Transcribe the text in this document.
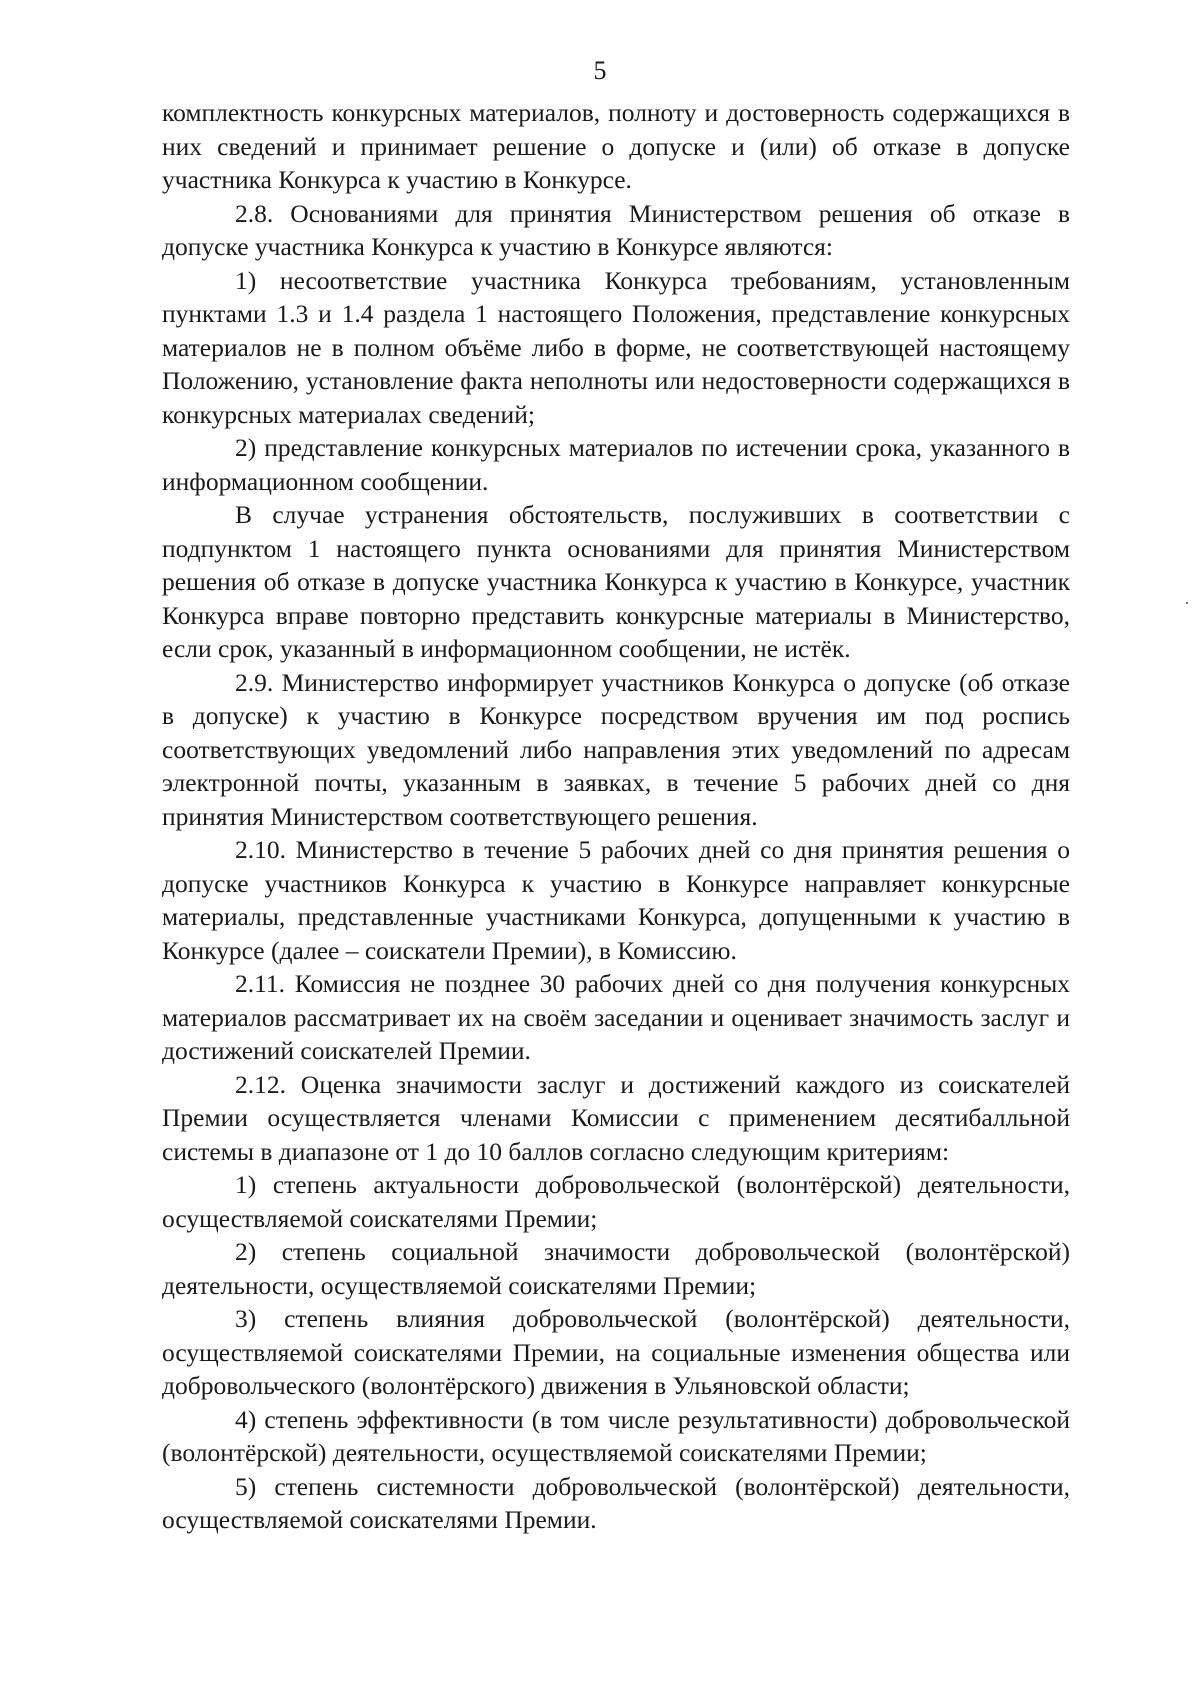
5

комплектность конкурсных материалов, полноту и достоверность содержащихся в них сведений и принимает решение о допуске и (или) об отказе в допуске участника Конкурса к участию в Конкурсе.

2.8. Основаниями для принятия Министерством решения об отказе в допуске участника Конкурса к участию в Конкурсе являются:

1) несоответствие участника Конкурса требованиям, установленным пунктами 1.3 и 1.4 раздела 1 настоящего Положения, представление конкурсных материалов не в полном объёме либо в форме, не соответствующей настоящему Положению, установление факта неполноты или недостоверности содержащихся в конкурсных материалах сведений;

2) представление конкурсных материалов по истечении срока, указанного в информационном сообщении.

В случае устранения обстоятельств, послуживших в соответствии с подпунктом 1 настоящего пункта основаниями для принятия Министерством решения об отказе в допуске участника Конкурса к участию в Конкурсе, участник Конкурса вправе повторно представить конкурсные материалы в Министерство, если срок, указанный в информационном сообщении, не истёк.

2.9. Министерство информирует участников Конкурса о допуске (об отказе в допуске) к участию в Конкурсе посредством вручения им под роспись соответствующих уведомлений либо направления этих уведомлений по адресам электронной почты, указанным в заявках, в течение 5 рабочих дней со дня принятия Министерством соответствующего решения.

2.10. Министерство в течение 5 рабочих дней со дня принятия решения о допуске участников Конкурса к участию в Конкурсе направляет конкурсные материалы, представленные участниками Конкурса, допущенными к участию в Конкурсе (далее – соискатели Премии), в Комиссию.

2.11. Комиссия не позднее 30 рабочих дней со дня получения конкурсных материалов рассматривает их на своём заседании и оценивает значимость заслуг и достижений соискателей Премии.

2.12. Оценка значимости заслуг и достижений каждого из соискателей Премии осуществляется членами Комиссии с применением десятибалльной системы в диапазоне от 1 до 10 баллов согласно следующим критериям:

1) степень актуальности добровольческой (волонтёрской) деятельности, осуществляемой соискателями Премии;

2) степень социальной значимости добровольческой (волонтёрской) деятельности, осуществляемой соискателями Премии;

3) степень влияния добровольческой (волонтёрской) деятельности, осуществляемой соискателями Премии, на социальные изменения общества или добровольческого (волонтёрского) движения в Ульяновской области;

4) степень эффективности (в том числе результативности) добровольческой (волонтёрской) деятельности, осуществляемой соискателями Премии;

5) степень системности добровольческой (волонтёрской) деятельности, осуществляемой соискателями Премии.
